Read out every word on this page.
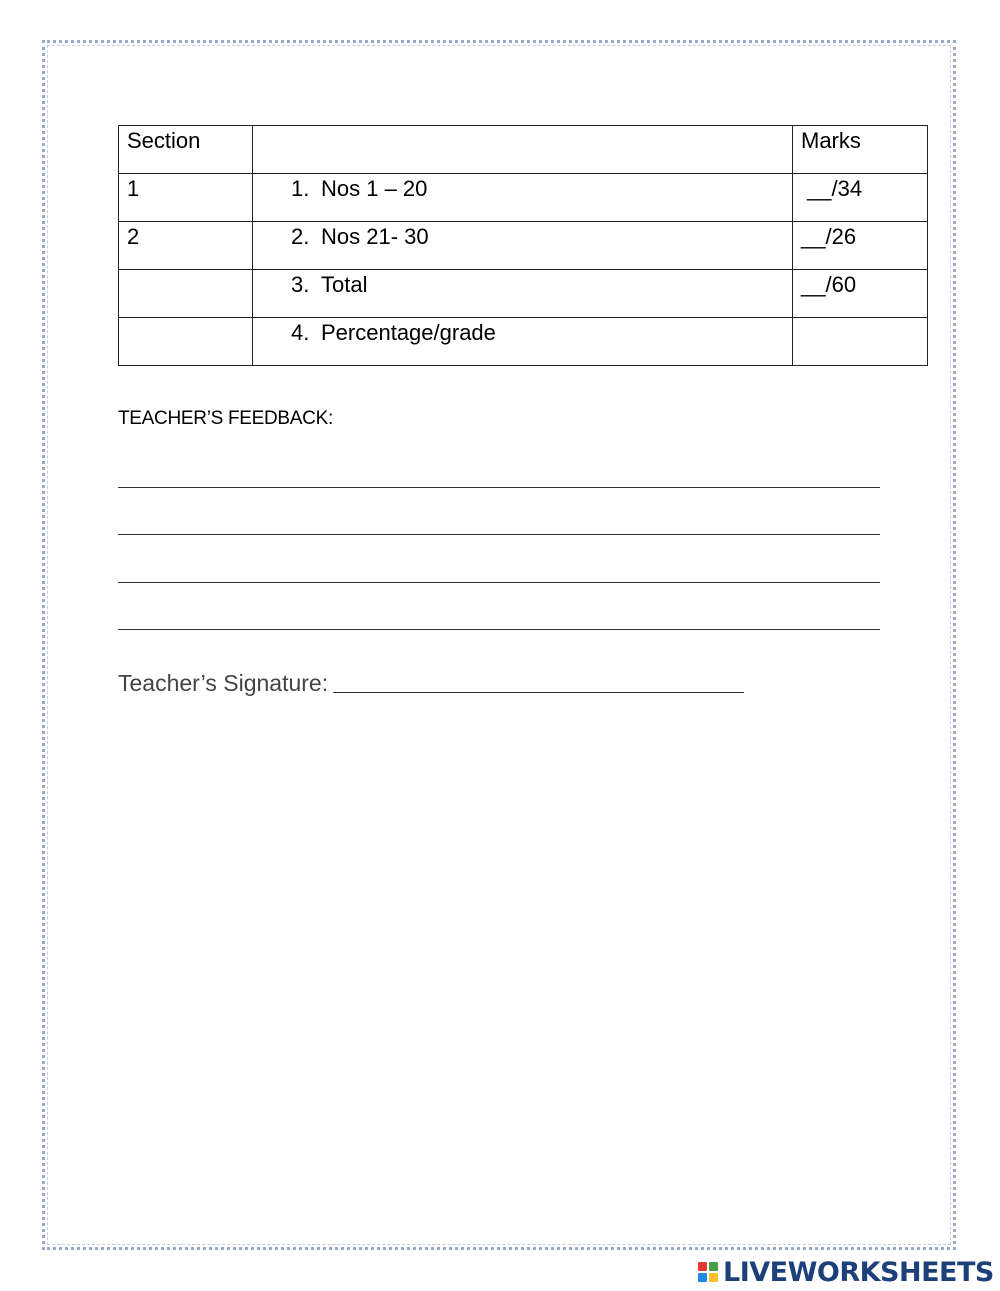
Section		Marks
1	1. Nos 1 – 20	__/34
2	2. Nos 21- 30	__/26
	3. Total	__/60
	4. Percentage/grade	
TEACHER’S FEEDBACK:
Teacher’s Signature:
LIVEWORKSHEETS
